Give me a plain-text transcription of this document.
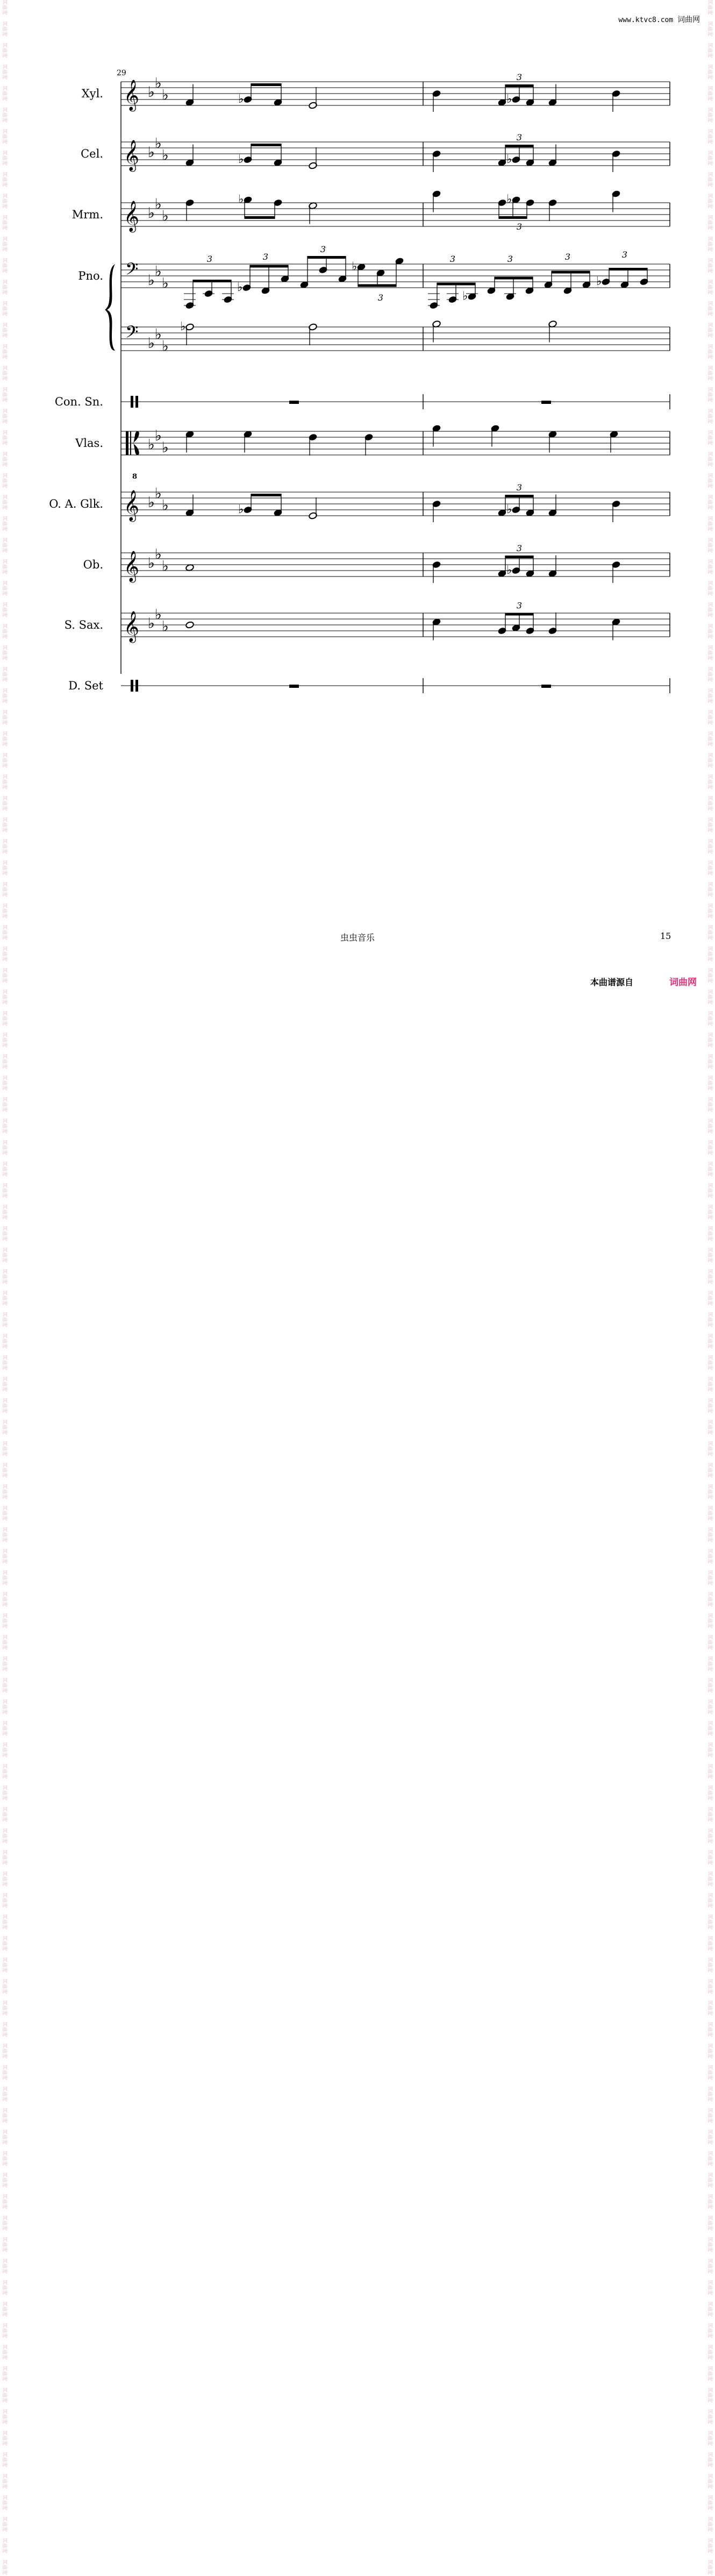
词曲网

词曲网

词曲网

词曲网

词曲网

词曲网

词曲网

词曲网

词曲网

词曲网

词曲网

词曲网

词曲网

词曲网

词曲网

词曲网

词曲网

词曲网

词曲网

词曲网

词曲网

词曲网

词曲网

词曲网

词曲网

词曲网

词曲网

词曲网

词曲网

词曲网

词曲网

词曲网

词曲网

词曲网

词曲网

词曲网

词曲网

词曲网

词曲网

词曲网

词曲网

词曲网

词曲网

词曲网

词曲网

词曲网

词曲网

词曲网

词曲网

词曲网

词曲网

词曲网

词曲网

词曲网

词曲网

词曲网

词曲网

词曲网

词曲网

词曲网

词曲网

词曲网

词曲网

词曲网

词曲网

词曲网

词曲网

词曲网

词曲网

词曲网

词曲网

词曲网

词曲网

词曲网

词曲网

词曲网

词曲网

词曲网

词曲网

词曲网

词曲网

词曲网

词曲网

词曲网

词曲网

词曲网

词曲网

词曲网

词曲网

词曲网

词曲网

词曲网

词曲网

词曲网

词曲网

词曲网

词曲网

词曲网

词曲网

词曲网

词曲网

词曲网

词曲网

词曲网

词曲网

词曲网

词曲网

词曲网

词曲网

词曲网

词曲网

词曲网

词曲网

词曲网

词曲网

词曲网

词曲网

词曲网

词曲网

词曲网

词曲网

词曲网

词曲网

词曲网

词曲网

词曲网

词曲网

词曲网

词曲网

词曲网

词曲网

词曲网

词曲网

词曲网

词曲网

词曲网

词曲网

词曲网

词曲网

词曲网

词曲网

词曲网

词曲网

词曲网

词曲网

词曲网

词曲网

词曲网

词曲网

词曲网

词曲网

词曲网

词曲网

词曲网

词曲网

词曲网

词曲网

词曲网

词曲网

词曲网

词曲网

词曲网

词曲网

词曲网

词曲网

词曲网

词曲网

词曲网

词曲网

词曲网

词曲网

词曲网

词曲网

词曲网

词曲网

词曲网

词曲网

词曲网

词曲网

词曲网

词曲网

词曲网

词曲网

词曲网

词曲网

词曲网

词曲网

词曲网

词曲网

词曲网

词曲网

词曲网

词曲网

词曲网

词曲网

词曲网

词曲网

词曲网

词曲网

词曲网

词曲网

词曲网

词曲网

词曲网

词曲网

词曲网

词曲网

词曲网

词曲网

词曲网

词曲网

词曲网

词曲网

词曲网

词曲网

词曲网

词曲网

词曲网

词曲网

词曲网

词曲网

词曲网

词曲网

词曲网

词曲网

词曲网

词曲网

词曲网

词曲网

词曲网

词曲网

词曲网

词曲网

词曲网

词曲网

词曲网

词曲网

词曲网

词曲网

词曲网

www.ktvc8.com 词曲网
29
Xyl. 𝄞 ♭
♭
♭
Cel. 𝄞 ♭
♭
♭
Mrm. 𝄞 ♭
♭
♭
Pno. 𝄢 ♭
♭
♭
𝄢 ♭
♭
♭
Con. Sn.
Vlas.	♭
♭
♭
O. A. Glk. 𝄞 ♭
♭
♭
Ob. 𝄞 ♭
♭
♭
S. Sax. 𝄞 ♭
♭
♭
D. Set
8
♭	♭
3
♭	♭
3
♭	♭
3
♭	♭
3
3
♭
3
3
♭
3	♭
3	3	3
♭
3
♭
♭
3
3
虫虫音乐	15
本曲谱源自	词曲网
